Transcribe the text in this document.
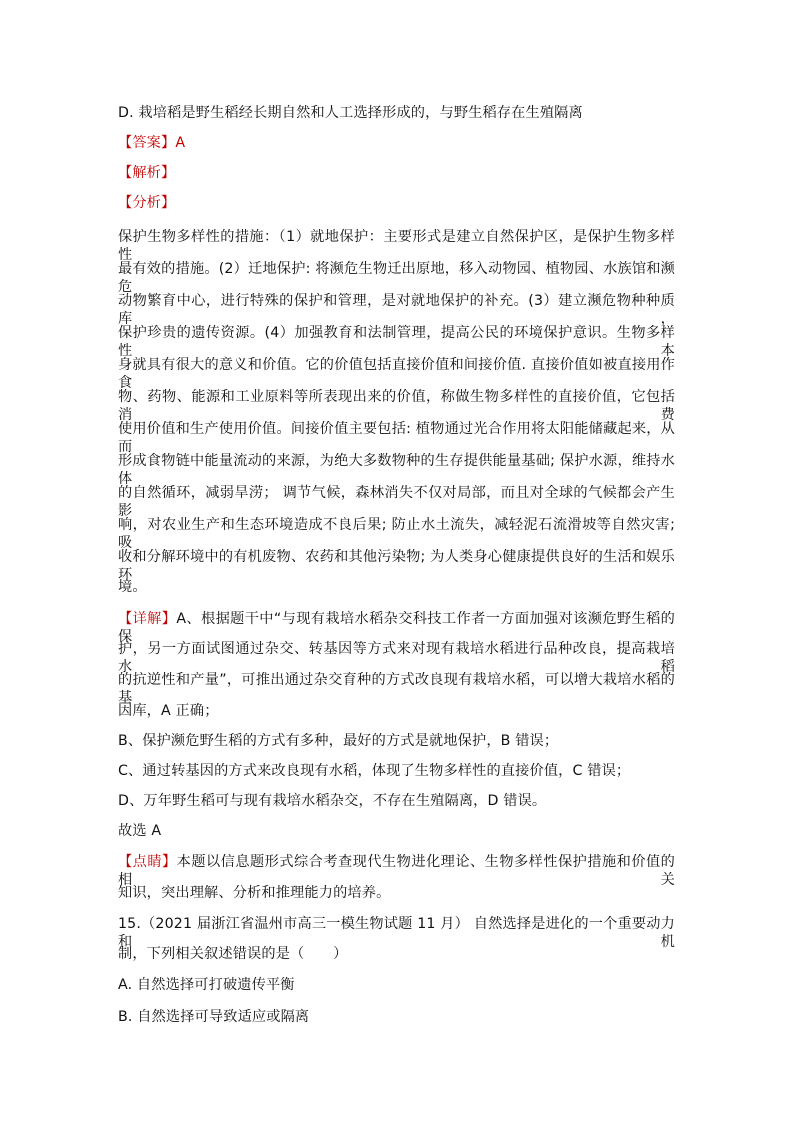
D. 栽培稻是野生稻经长期自然和人工选择形成的，与野生稻存在生殖隔离
【答案】A
【解析】
【分析】
保护生物多样性的措施：（1）就地保护：主要形式是建立自然保护区，是保护生物多样性
最有效的措施。(2）迁地保护: 将濒危生物迁出原地，移入动物园、植物园、水族馆和濒危
动物繁育中心，进行特殊的保护和管理，是对就地保护的补充。(3）建立濒危物种种质库，
保护珍贵的遗传资源。(4）加强教育和法制管理，提高公民的环境保护意识。生物多样性本
身就具有很大的意义和价值。它的价值包括直接价值和间接价值. 直接价值如被直接用作食
物、药物、能源和工业原料等所表现出来的价值，称做生物多样性的直接价值，它包括消费
使用价值和生产使用价值。间接价值主要包括: 植物通过光合作用将太阳能储藏起来，从而
形成食物链中能量流动的来源，为绝大多数物种的生存提供能量基础; 保护水源，维持水体
的自然循环，减弱旱涝； 调节气候，森林消失不仅对局部，而且对全球的气候都会产生影
响，对农业生产和生态环境造成不良后果; 防止水土流失，减轻泥石流滑坡等自然灾害; 吸
收和分解环境中的有机废物、农药和其他污染物; 为人类身心健康提供良好的生活和娱乐环
境。
【详解】A、根据题干中“与现有栽培水稻杂交科技工作者一方面加强对该濒危野生稻的保
护，另一方面试图通过杂交、转基因等方式来对现有栽培水稻进行品种改良，提高栽培水稻
的抗逆性和产量”，可推出通过杂交育种的方式改良现有栽培水稻，可以增大栽培水稻的基
因库，A 正确；
B、保护濒危野生稻的方式有多种，最好的方式是就地保护，B 错误；
C、通过转基因的方式来改良现有水稻，体现了生物多样性的直接价值，C 错误；
D、万年野生稻可与现有栽培水稻杂交，不存在生殖隔离，D 错误。
故选 A
【点睛】本题以信息题形式综合考查现代生物进化理论、生物多样性保护措施和价值的相关
知识，突出理解、分析和推理能力的培养。
15.（2021 届浙江省温州市高三一模生物试题 11 月） 自然选择是进化的一个重要动力和机
制，下列相关叙述错误的是（　　）
A. 自然选择可打破遗传平衡
B. 自然选择可导致适应或隔离
